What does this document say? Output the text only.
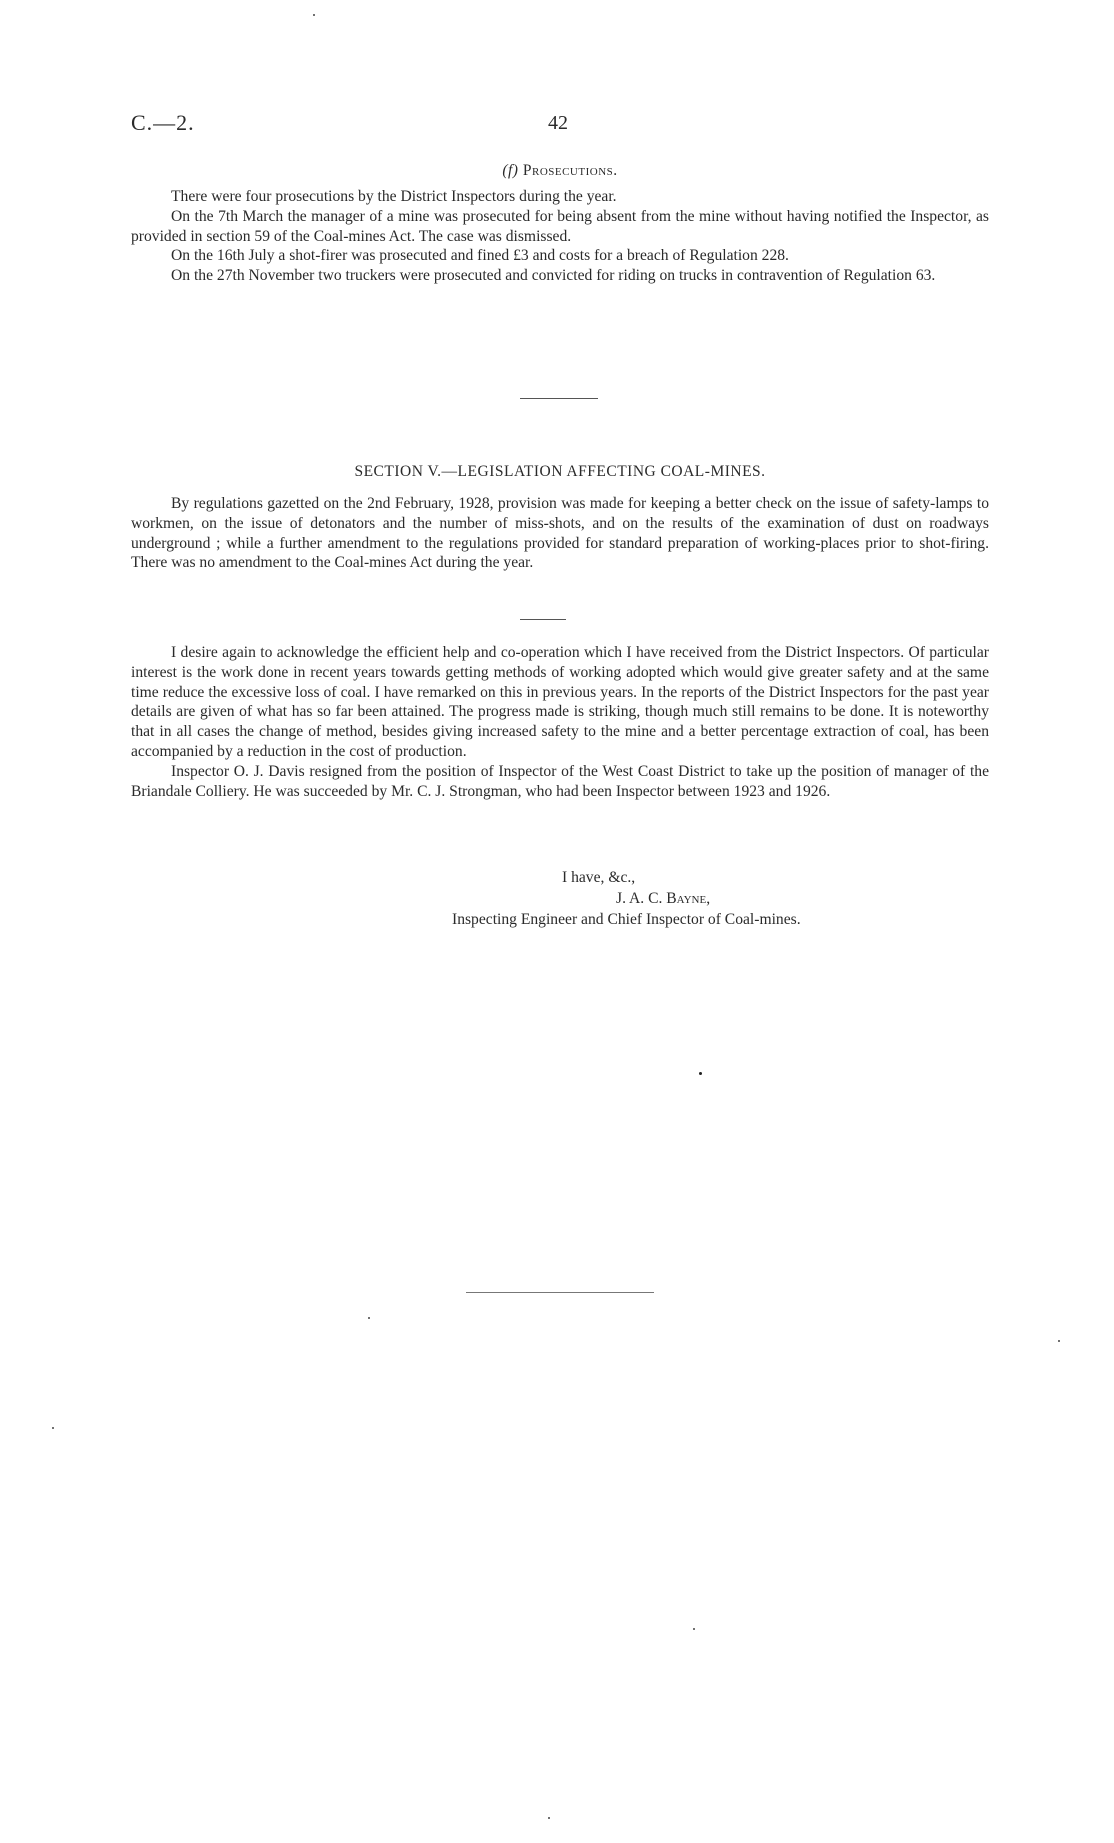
C.—2.	42
(f) Prosecutions.

There were four prosecutions by the District Inspectors during the year.

On the 7th March the manager of a mine was prosecuted for being absent from the mine without having notified the Inspector, as provided in section 59 of the Coal-mines Act. The case was dismissed.

On the 16th July a shot-firer was prosecuted and fined £3 and costs for a breach of Regulation 228.

On the 27th November two truckers were prosecuted and convicted for riding on trucks in contravention of Regulation 63.

SECTION V.—LEGISLATION AFFECTING COAL-MINES.

By regulations gazetted on the 2nd February, 1928, provision was made for keeping a better check on the issue of safety-lamps to workmen, on the issue of detonators and the number of miss-shots, and on the results of the examination of dust on roadways underground ; while a further amendment to the regulations provided for standard preparation of working-places prior to shot-firing. There was no amendment to the Coal-mines Act during the year.

I desire again to acknowledge the efficient help and co-operation which I have received from the District Inspectors. Of particular interest is the work done in recent years towards getting methods of working adopted which would give greater safety and at the same time reduce the excessive loss of coal. I have remarked on this in previous years. In the reports of the District Inspectors for the past year details are given of what has so far been attained. The progress made is striking, though much still remains to be done. It is noteworthy that in all cases the change of method, besides giving increased safety to the mine and a better percentage extraction of coal, has been accompanied by a reduction in the cost of production.

Inspector O. J. Davis resigned from the position of Inspector of the West Coast District to take up the position of manager of the Briandale Colliery. He was succeeded by Mr. C. J. Strongman, who had been Inspector between 1923 and 1926.

I have, &c.,
J. A. C. Bayne,
Inspecting Engineer and Chief Inspector of Coal-mines.
